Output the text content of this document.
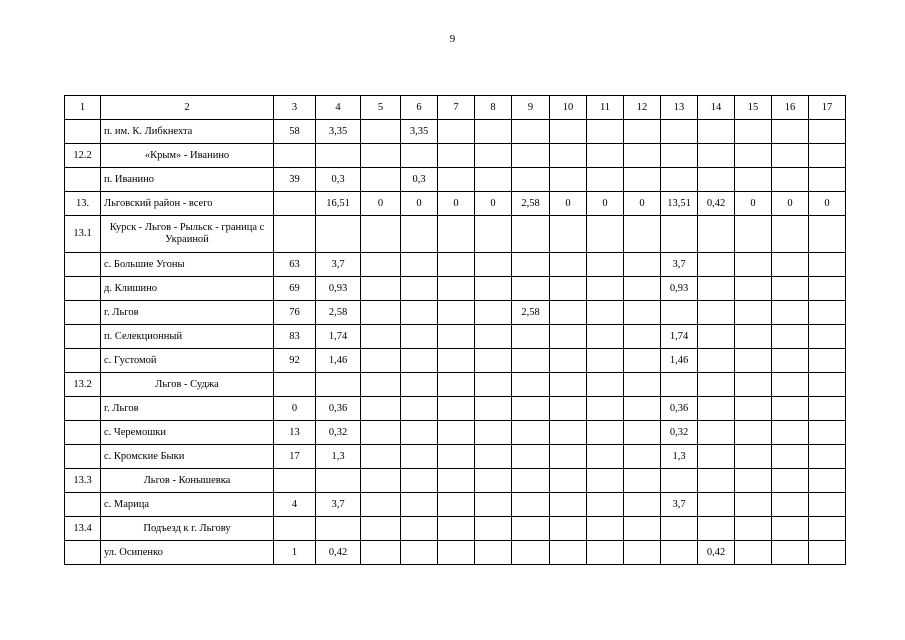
9
1	2	3	4	5	6	7	8	9	10	11	12	13	14	15	16	17
	п. им. К. Либкнехта	58	3,35		3,35											
12.2	«Крым» - Иванино															
	п. Иванино	39	0,3		0,3											
13.	Льговский район - всего		16,51	0	0	0	0	2,58	0	0	0	13,51	0,42	0	0	0
13.1	Курск - Льгов - Рыльск - граница с Украиной															
	с. Большие Угоны	63	3,7									3,7				
	д. Клишино	69	0,93									0,93				
	г. Льгов	76	2,58					2,58								
	п. Селекционный	83	1,74									1,74				
	с. Густомой	92	1,46									1,46				
13.2	Льгов - Суджа															
	г. Льгов	0	0,36									0,36				
	с. Черемошки	13	0,32									0,32				
	с. Кромские Быки	17	1,3									1,3				
13.3	Льгов - Конышевка															
	с. Марица	4	3,7									3,7				
13.4	Подъезд к г. Льгову															
	ул. Осипенко	1	0,42										0,42			
